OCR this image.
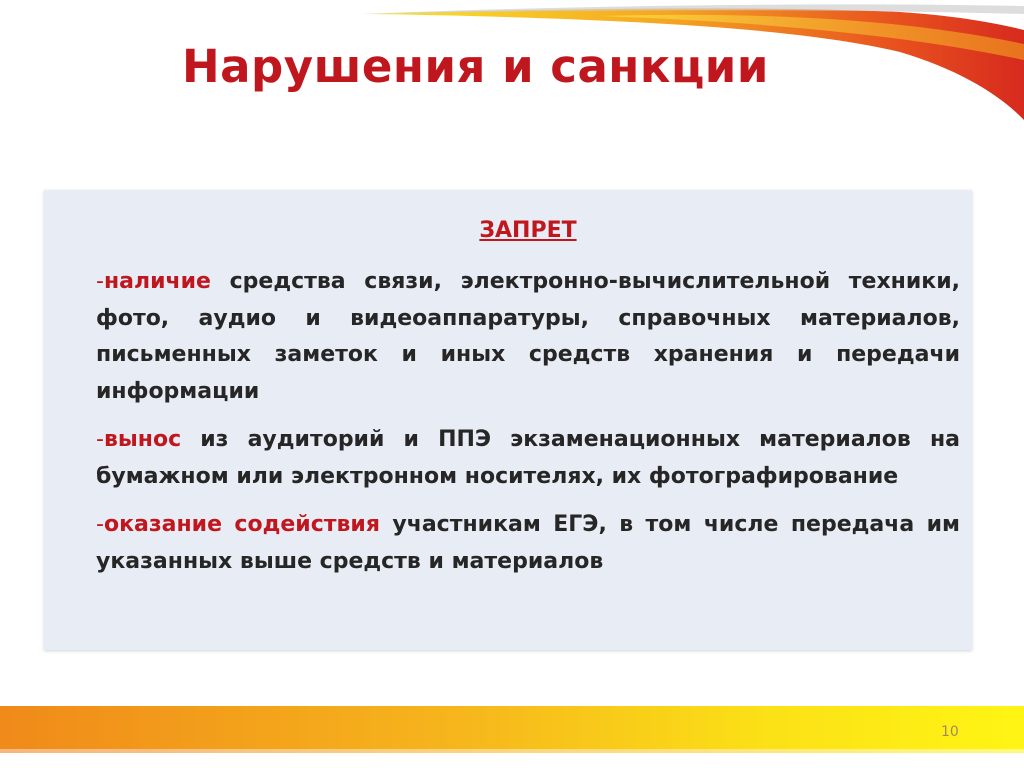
Нарушения и санкции
ЗАПРЕТ

-наличие средства связи, электронно-вычислительной техники, фото, аудио и видеоаппаратуры, справочных материалов, письменных заметок и иных средств хранения и передачи информации

-вынос из аудиторий и ППЭ экзаменационных материалов на бумажном или электронном носителях, их фотографирование

-оказание содействия участникам ЕГЭ, в том числе передача им указанных выше средств и материалов

10
